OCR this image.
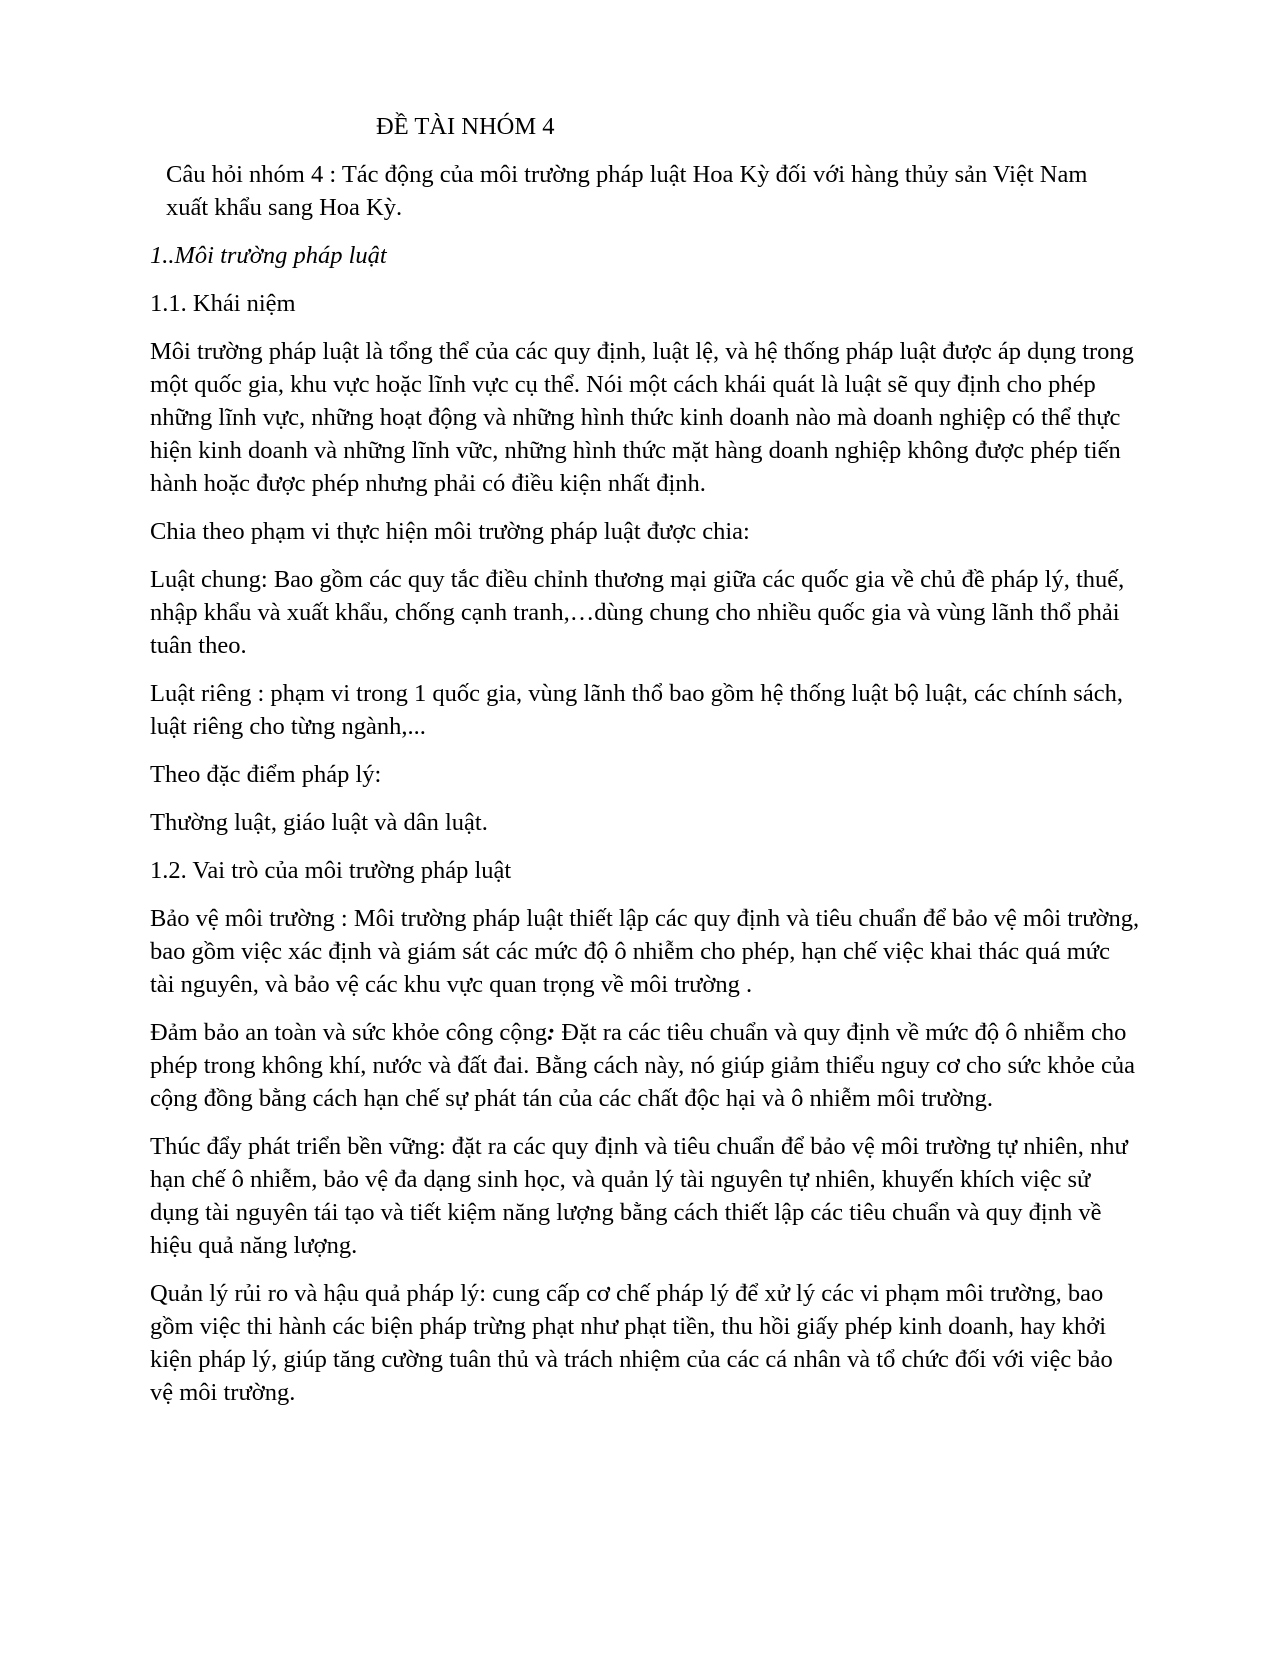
ĐỀ TÀI NHÓM 4

Câu hỏi nhóm 4 : Tác động của môi trường pháp luật Hoa Kỳ đối với hàng thủy sản Việt Nam xuất khẩu sang Hoa Kỳ.

1..Môi trường pháp luật

1.1. Khái niệm

Môi trường pháp luật là tổng thể của các quy định, luật lệ, và hệ thống pháp luật được áp dụng trong một quốc gia, khu vực hoặc lĩnh vực cụ thể. Nói một cách khái quát là luật sẽ quy định cho phép những lĩnh vực, những hoạt động và những hình thức kinh doanh nào mà doanh nghiệp có thể thực hiện kinh doanh và những lĩnh vữc, những hình thức mặt hàng doanh nghiệp không được phép tiến hành hoặc được phép nhưng phải có điều kiện nhất định.

Chia theo phạm vi thực hiện môi trường pháp luật được chia:

Luật chung: Bao gồm các quy tắc điều chỉnh thương mại giữa các quốc gia về chủ đề pháp lý, thuế, nhập khẩu và xuất khẩu, chống cạnh tranh,…dùng chung cho nhiều quốc gia và vùng lãnh thổ phải tuân theo.

Luật riêng : phạm vi trong 1 quốc gia, vùng lãnh thổ bao gồm hệ thống luật bộ luật, các chính sách, luật riêng cho từng ngành,...

Theo đặc điểm pháp lý:

Thường luật, giáo luật và dân luật.

1.2. Vai trò của môi trường pháp luật

Bảo vệ môi trường : Môi trường pháp luật thiết lập các quy định và tiêu chuẩn để bảo vệ môi trường, bao gồm việc xác định và giám sát các mức độ ô nhiễm cho phép, hạn chế việc khai thác quá mức tài nguyên, và bảo vệ các khu vực quan trọng về môi trường .

Đảm bảo an toàn và sức khỏe công cộng: Đặt ra các tiêu chuẩn và quy định về mức độ ô nhiễm cho phép trong không khí, nước và đất đai. Bằng cách này, nó giúp giảm thiểu nguy cơ cho sức khỏe của cộng đồng bằng cách hạn chế sự phát tán của các chất độc hại và ô nhiễm môi trường.

Thúc đẩy phát triển bền vững: đặt ra các quy định và tiêu chuẩn để bảo vệ môi trường tự nhiên, như hạn chế ô nhiễm, bảo vệ đa dạng sinh học, và quản lý tài nguyên tự nhiên, khuyến khích việc sử dụng tài nguyên tái tạo và tiết kiệm năng lượng bằng cách thiết lập các tiêu chuẩn và quy định về hiệu quả năng lượng.

Quản lý rủi ro và hậu quả pháp lý: cung cấp cơ chế pháp lý để xử lý các vi phạm môi trường, bao gồm việc thi hành các biện pháp trừng phạt như phạt tiền, thu hồi giấy phép kinh doanh, hay khởi kiện pháp lý, giúp tăng cường tuân thủ và trách nhiệm của các cá nhân và tổ chức đối với việc bảo vệ môi trường.
